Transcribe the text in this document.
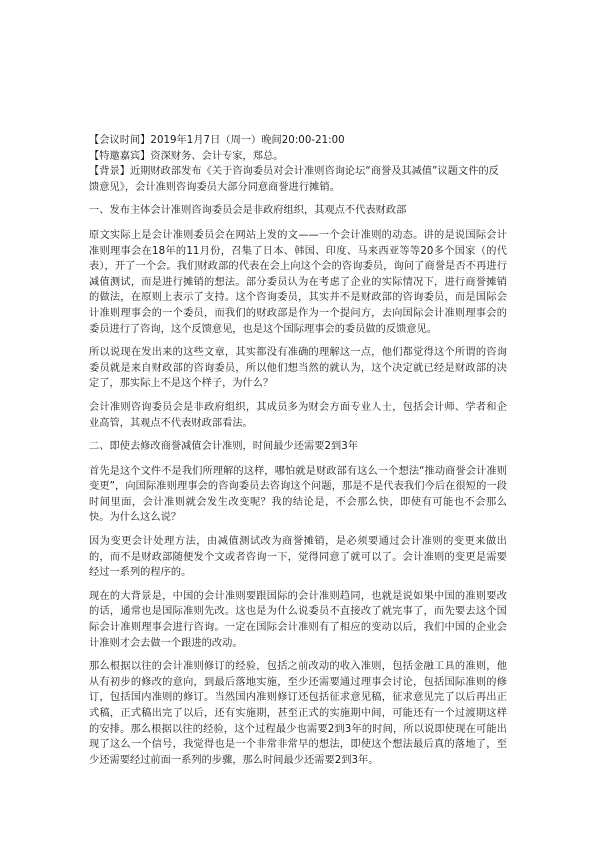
【会议时间】2019年1月7日（周一）晚间20:00-21:00

【特邀嘉宾】资深财务、会计专家，郑总。

【背景】近期财政部发布《关于咨询委员对会计准则咨询论坛“商誉及其减值”议题文件的反馈意见》，会计准则咨询委员大部分同意商誉进行摊销。

一、发布主体会计准则咨询委员会是非政府组织，其观点不代表财政部

原文实际上是会计准则委员会在网站上发的文——一个会计准则的动态。讲的是说国际会计准则理事会在18年的11月份，召集了日本、韩国、印度、马来西亚等等20多个国家（的代表），开了一个会。我们财政部的代表在会上向这个会的咨询委员，询问了商誉是否不再进行减值测试，而是进行摊销的想法。部分委员认为在考虑了企业的实际情况下，进行商誉摊销的做法，在原则上表示了支持。这个咨询委员，其实并不是财政部的咨询委员，而是国际会计准则理事会的一个委员，而我们的财政部是作为一个提问方，去向国际会计准则理事会的委员进行了咨询，这个反馈意见，也是这个国际理事会的委员做的反馈意见。

所以说现在发出来的这些文章，其实都没有准确的理解这一点，他们都觉得这个所谓的咨询委员就是来自财政部的咨询委员，所以他们想当然的就认为，这个决定就已经是财政部的决定了，那实际上不是这个样子，为什么？

会计准则咨询委员会是非政府组织，其成员多为财会方面专业人士，包括会计师、学者和企业高管，其观点不代表财政部看法。

二、即使去修改商誉减值会计准则，时间最少还需要2到3年

首先是这个文件不是我们所理解的这样，哪怕就是财政部有这么一个想法“推动商誉会计准则变更”，向国际准则理事会的咨询委员去咨询这个问题，那是不是代表我们今后在很短的一段时间里面，会计准则就会发生改变呢？我的结论是，不会那么快，即使有可能也不会那么快。为什么这么说？

因为变更会计处理方法，由减值测试改为商誉摊销，是必须要通过会计准则的变更来做出的，而不是财政部随便发个文或者咨询一下，觉得同意了就可以了。会计准则的变更是需要经过一系列的程序的。

现在的大背景是，中国的会计准则要跟国际的会计准则趋同，也就是说如果中国的准则要改的话，通常也是国际准则先改。这也是为什么说委员不直接改了就完事了，而先要去这个国际会计准则理事会进行咨询。一定在国际会计准则有了相应的变动以后，我们中国的企业会计准则才会去做一个跟进的改动。

那么根据以往的会计准则修订的经验，包括之前改动的收入准则，包括金融工具的准则，他从有初步的修改的意向，到最后落地实施，至少还需要通过理事会讨论，包括国际准则的修订，包括国内准则的修订。当然国内准则修订还包括征求意见稿，征求意见完了以后再出正式稿，正式稿出完了以后，还有实施期，甚至正式的实施期中间，可能还有一个过渡期这样的安排。那么根据以往的经验，这个过程最少也需要2到3年的时间，所以说即使现在可能出现了这么一个信号，我觉得也是一个非常非常早的想法，即使这个想法最后真的落地了，至少还需要经过前面一系列的步骤，那么时间最少还需要2到3年。
